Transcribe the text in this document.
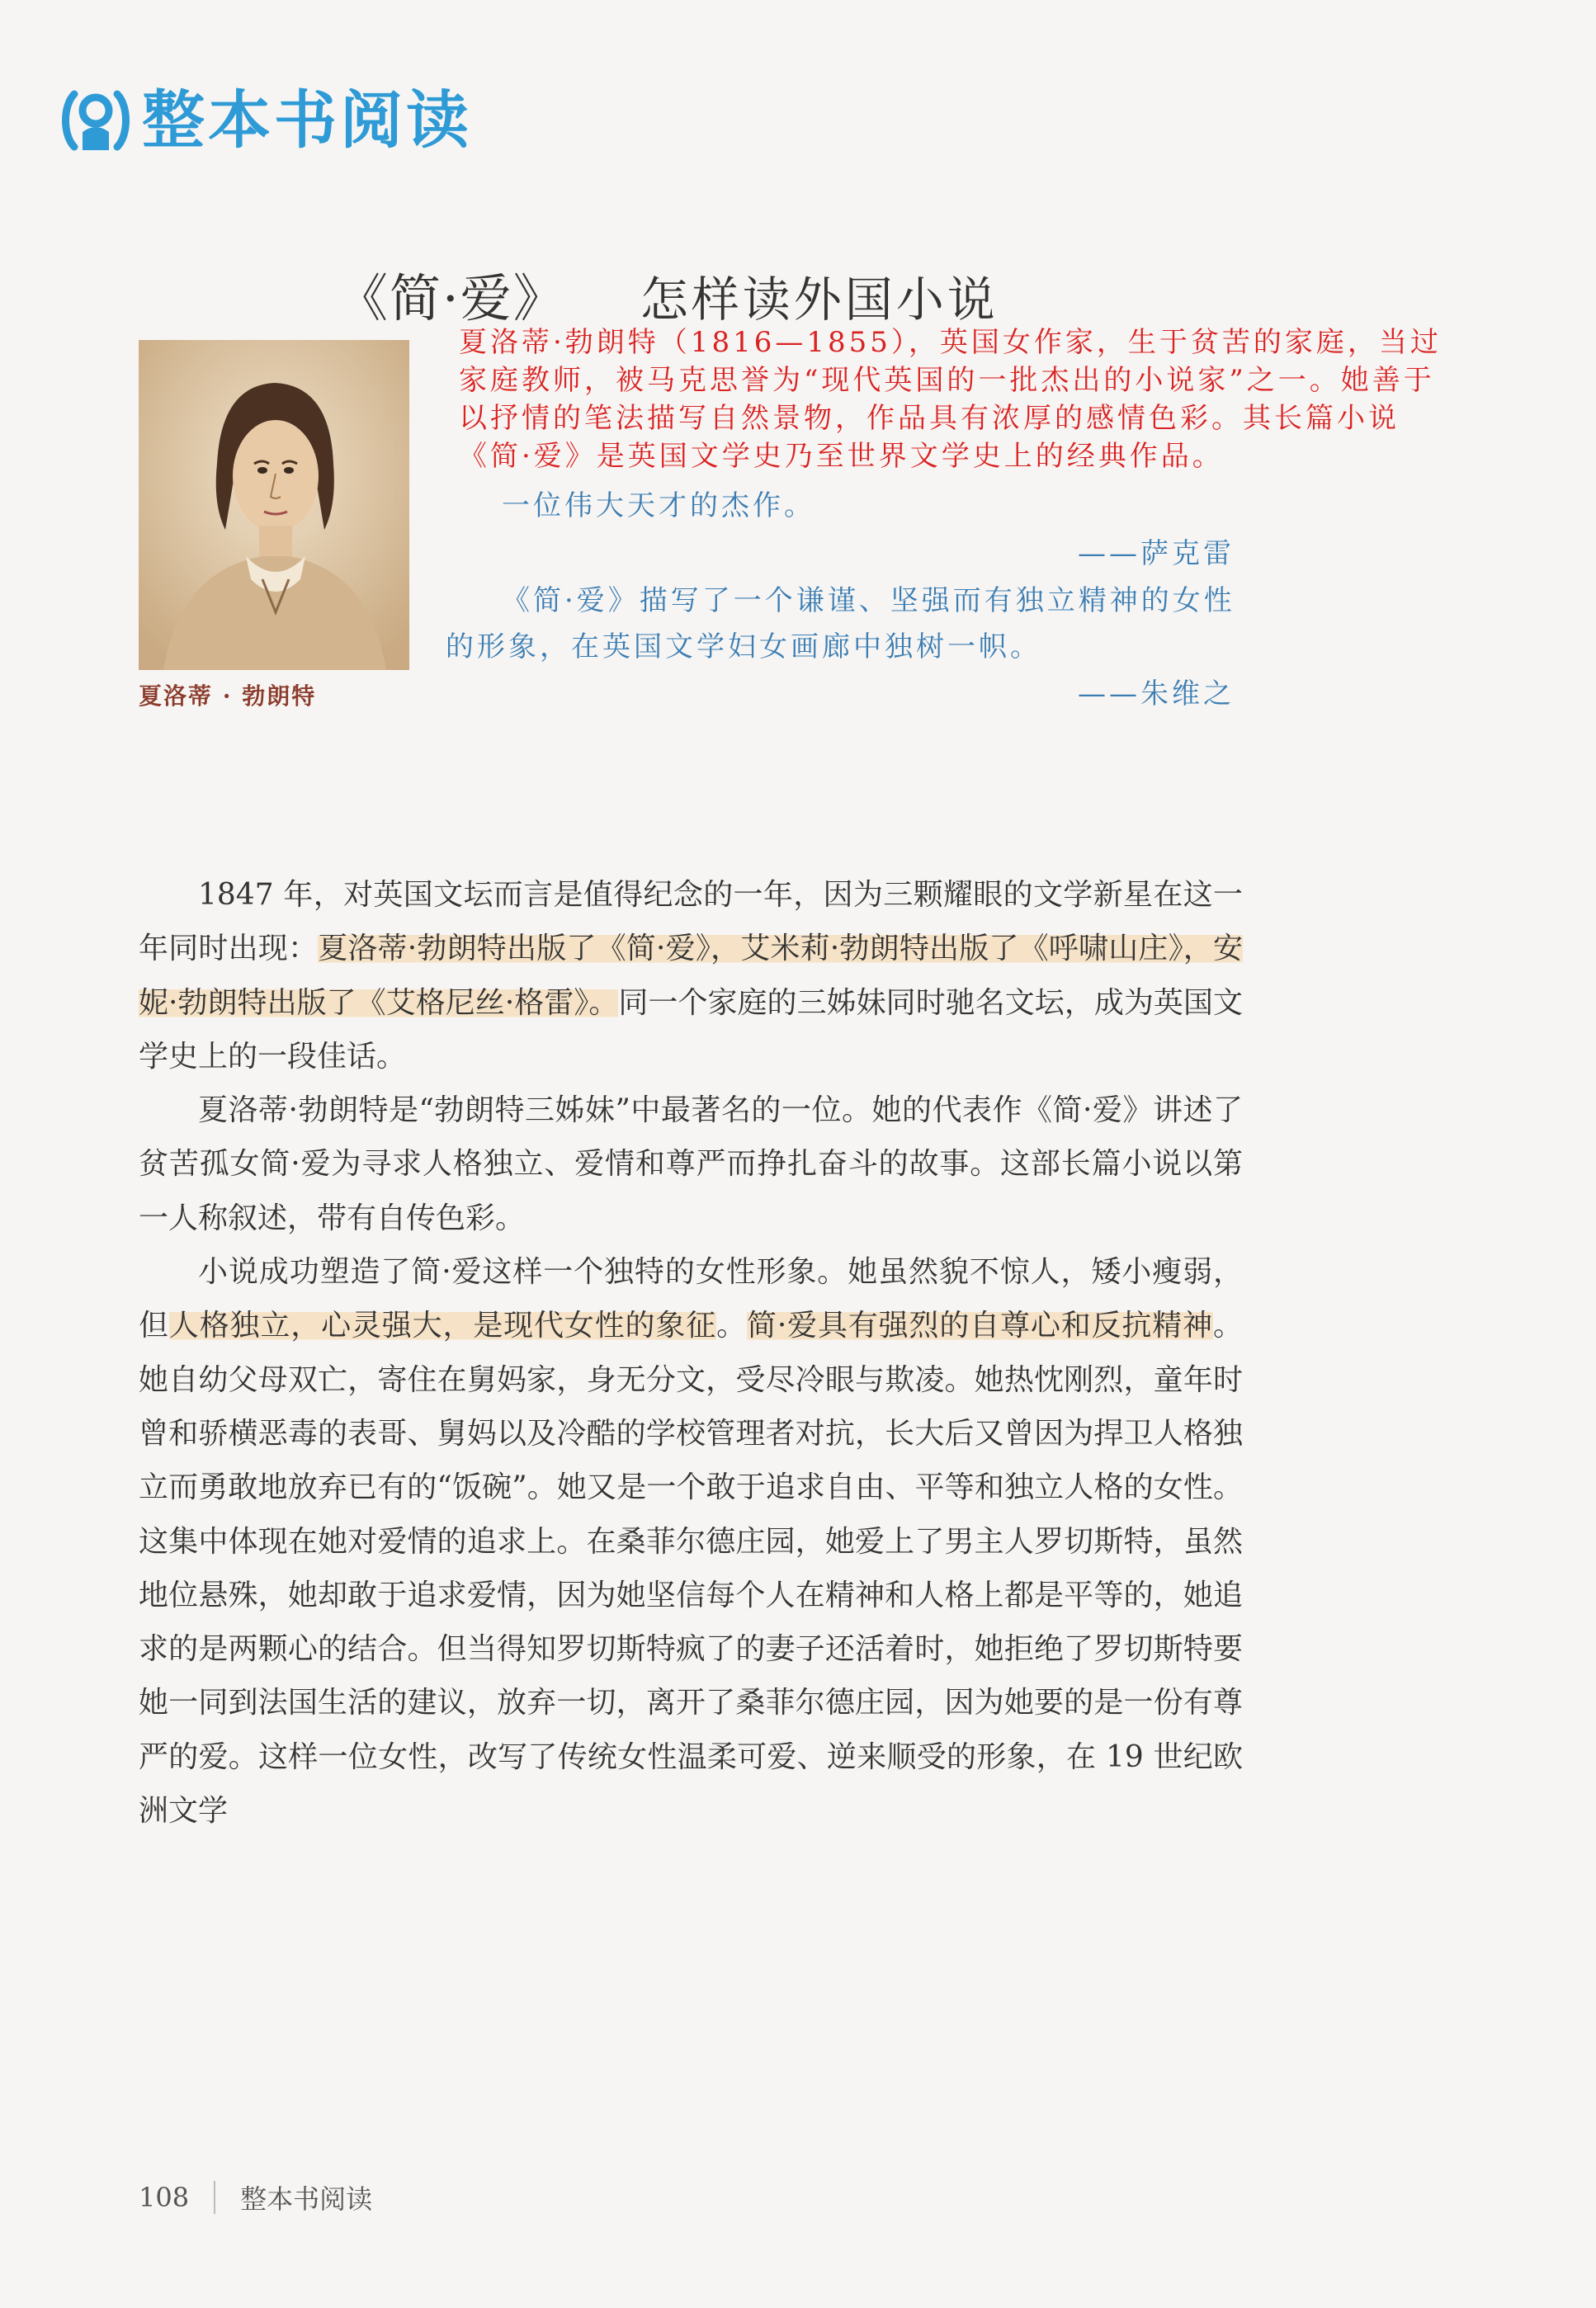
整本书阅读
《简·爱》 怎样读外国小说
夏洛蒂 · 勃朗特
夏洛蒂·勃朗特（1816—1855），英国女作家，生于贫苦的家庭，当过家庭教师，被马克思誉为“现代英国的一批杰出的小说家”之一。她善于以抒情的笔法描写自然景物，作品具有浓厚的感情色彩。其长篇小说《简·爱》是英国文学史乃至世界文学史上的经典作品。
一位伟大天才的杰作。
——萨克雷
《简·爱》描写了一个谦谨、坚强而有独立精神的女性的形象，在英国文学妇女画廊中独树一帜。
——朱维之

1847 年，对英国文坛而言是值得纪念的一年，因为三颗耀眼的文学新星在这一年同时出现：夏洛蒂·勃朗特出版了《简·爱》，艾米莉·勃朗特出版了《呼啸山庄》，安妮·勃朗特出版了《艾格尼丝·格雷》。同一个家庭的三姊妹同时驰名文坛，成为英国文学史上的一段佳话。

夏洛蒂·勃朗特是“勃朗特三姊妹”中最著名的一位。她的代表作《简·爱》讲述了贫苦孤女简·爱为寻求人格独立、爱情和尊严而挣扎奋斗的故事。这部长篇小说以第一人称叙述，带有自传色彩。

小说成功塑造了简·爱这样一个独特的女性形象。她虽然貌不惊人，矮小瘦弱，但人格独立，心灵强大，是现代女性的象征。简·爱具有强烈的自尊心和反抗精神。她自幼父母双亡，寄住在舅妈家，身无分文，受尽冷眼与欺凌。她热忱刚烈，童年时曾和骄横恶毒的表哥、舅妈以及冷酷的学校管理者对抗，长大后又曾因为捍卫人格独立而勇敢地放弃已有的“饭碗”。她又是一个敢于追求自由、平等和独立人格的女性。这集中体现在她对爱情的追求上。在桑菲尔德庄园，她爱上了男主人罗切斯特，虽然地位悬殊，她却敢于追求爱情，因为她坚信每个人在精神和人格上都是平等的，她追求的是两颗心的结合。但当得知罗切斯特疯了的妻子还活着时，她拒绝了罗切斯特要她一同到法国生活的建议，放弃一切，离开了桑菲尔德庄园，因为她要的是一份有尊严的爱。这样一位女性，改写了传统女性温柔可爱、逆来顺受的形象，在 19 世纪欧洲文学

108 整本书阅读
